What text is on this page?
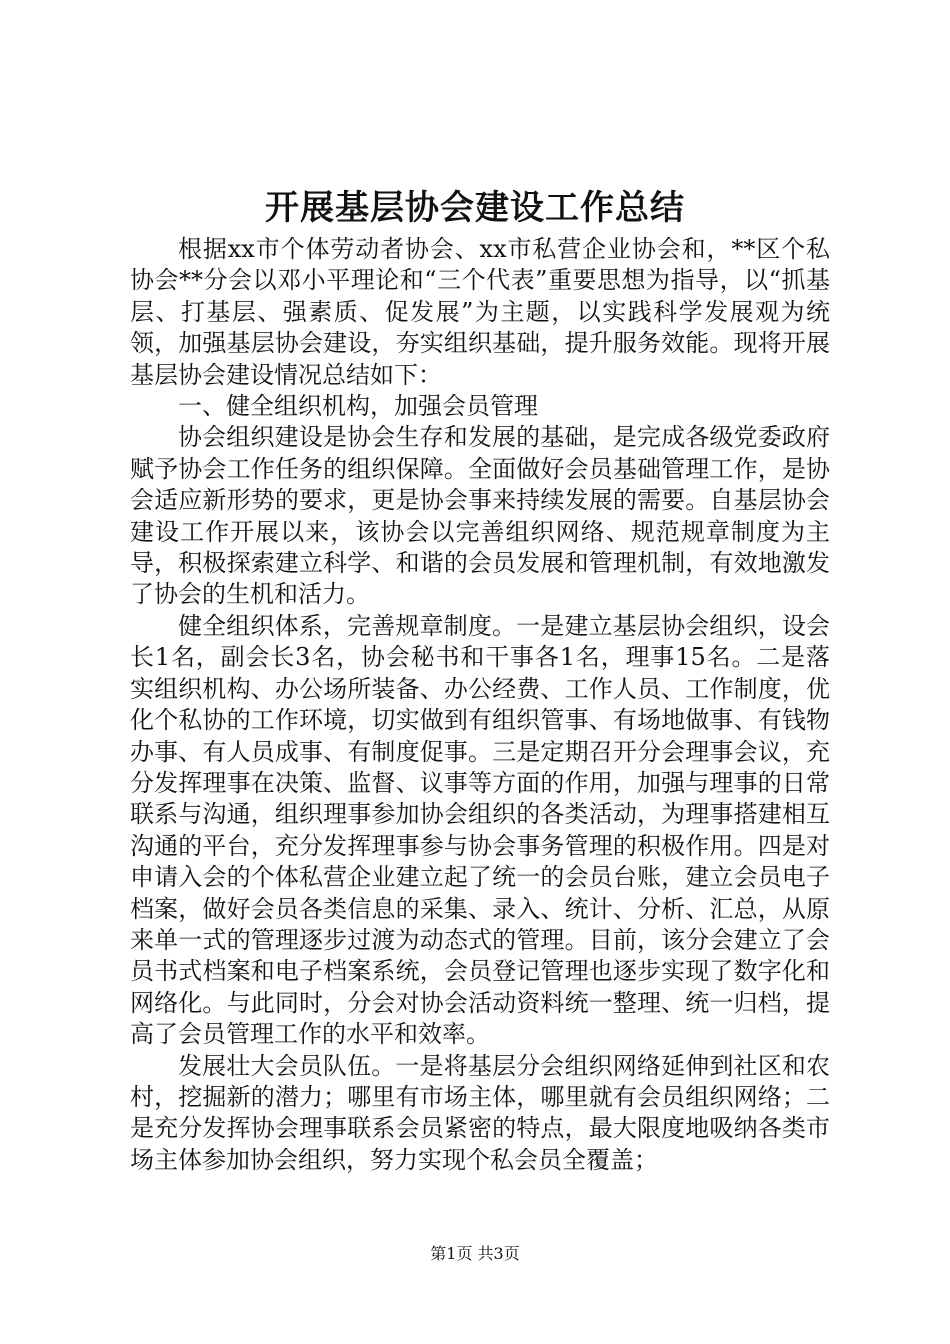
开展基层协会建设工作总结

根据xx市个体劳动者协会、xx市私营企业协会和，**区个私协会**分会以邓小平理论和“三个代表”重要思想为指导，以“抓基层、打基层、强素质、促发展”为主题，以实践科学发展观为统领，加强基层协会建设，夯实组织基础，提升服务效能。现将开展基层协会建设情况总结如下：

一、健全组织机构，加强会员管理

协会组织建设是协会生存和发展的基础，是完成各级党委政府赋予协会工作任务的组织保障。全面做好会员基础管理工作，是协会适应新形势的要求，更是协会事来持续发展的需要。自基层协会建设工作开展以来，该协会以完善组织网络、规范规章制度为主导，积极探索建立科学、和谐的会员发展和管理机制，有效地激发了协会的生机和活力。

健全组织体系，完善规章制度。一是建立基层协会组织，设会长1名，副会长3名，协会秘书和干事各1名，理事15名。二是落实组织机构、办公场所装备、办公经费、工作人员、工作制度，优化个私协的工作环境，切实做到有组织管事、有场地做事、有钱物办事、有人员成事、有制度促事。三是定期召开分会理事会议，充分发挥理事在决策、监督、议事等方面的作用，加强与理事的日常联系与沟通，组织理事参加协会组织的各类活动，为理事搭建相互沟通的平台，充分发挥理事参与协会事务管理的积极作用。四是对申请入会的个体私营企业建立起了统一的会员台账，建立会员电子档案，做好会员各类信息的采集、录入、统计、分析、汇总，从原来单一式的管理逐步过渡为动态式的管理。目前，该分会建立了会员书式档案和电子档案系统，会员登记管理也逐步实现了数字化和网络化。与此同时，分会对协会活动资料统一整理、统一归档，提高了会员管理工作的水平和效率。

发展壮大会员队伍。一是将基层分会组织网络延伸到社区和农村，挖掘新的潜力；哪里有市场主体，哪里就有会员组织网络；二是充分发挥协会理事联系会员紧密的特点，最大限度地吸纳各类市场主体参加协会组织，努力实现个私会员全覆盖；

第1页 共3页
